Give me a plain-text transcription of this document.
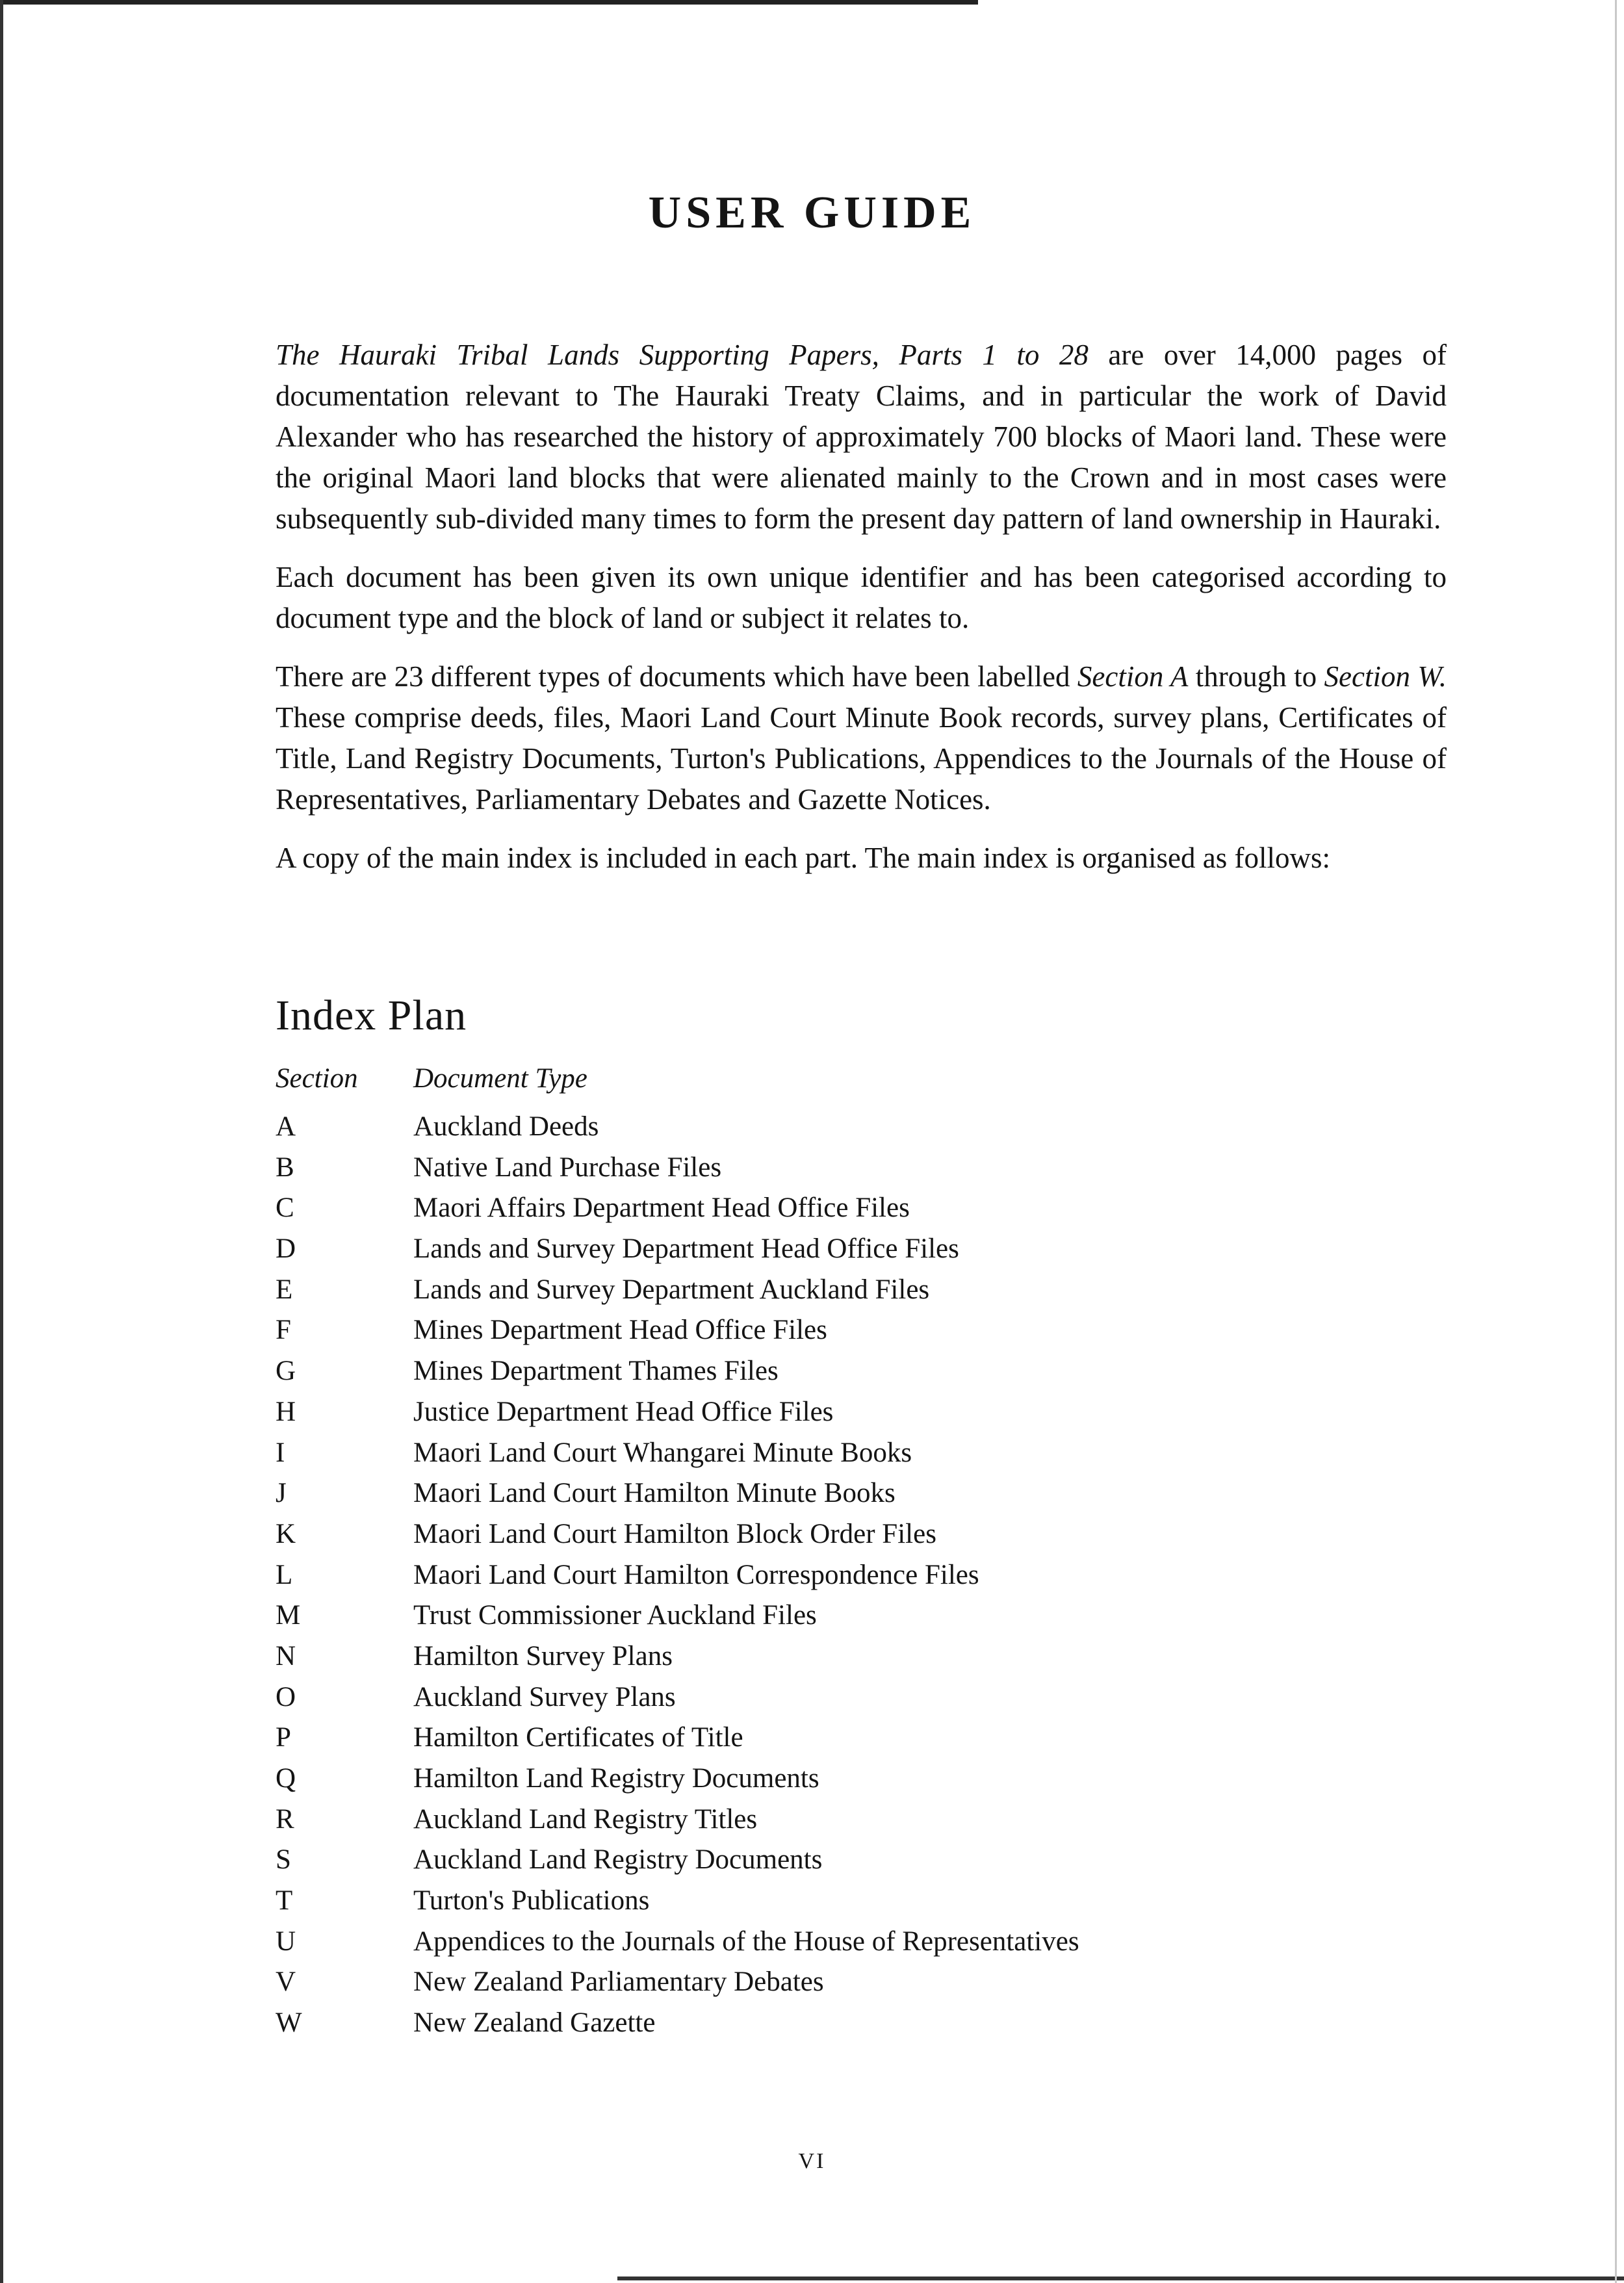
USER GUIDE

The Hauraki Tribal Lands Supporting Papers, Parts 1 to 28 are over 14,000 pages of documentation relevant to The Hauraki Treaty Claims, and in particular the work of David Alexander who has researched the history of approximately 700 blocks of Maori land. These were the original Maori land blocks that were alienated mainly to the Crown and in most cases were subsequently sub-divided many times to form the present day pattern of land ownership in Hauraki.

Each document has been given its own unique identifier and has been categorised according to document type and the block of land or subject it relates to.

There are 23 different types of documents which have been labelled Section A through to Section W. These comprise deeds, files, Maori Land Court Minute Book records, survey plans, Certificates of Title, Land Registry Documents, Turton's Publications, Appendices to the Journals of the House of Representatives, Parliamentary Debates and Gazette Notices.

A copy of the main index is included in each part. The main index is organised as follows:

Index Plan
Section Document Type
A	Auckland Deeds
B	Native Land Purchase Files
C	Maori Affairs Department Head Office Files
D	Lands and Survey Department Head Office Files
E	Lands and Survey Department Auckland Files
F	Mines Department Head Office Files
G	Mines Department Thames Files
H	Justice Department Head Office Files
I	Maori Land Court Whangarei Minute Books
J	Maori Land Court Hamilton Minute Books
K	Maori Land Court Hamilton Block Order Files
L	Maori Land Court Hamilton Correspondence Files
M	Trust Commissioner Auckland Files
N	Hamilton Survey Plans
O	Auckland Survey Plans
P	Hamilton Certificates of Title
Q	Hamilton Land Registry Documents
R	Auckland Land Registry Titles
S	Auckland Land Registry Documents
T	Turton's Publications
U	Appendices to the Journals of the House of Representatives
V	New Zealand Parliamentary Debates
W	New Zealand Gazette
VI
